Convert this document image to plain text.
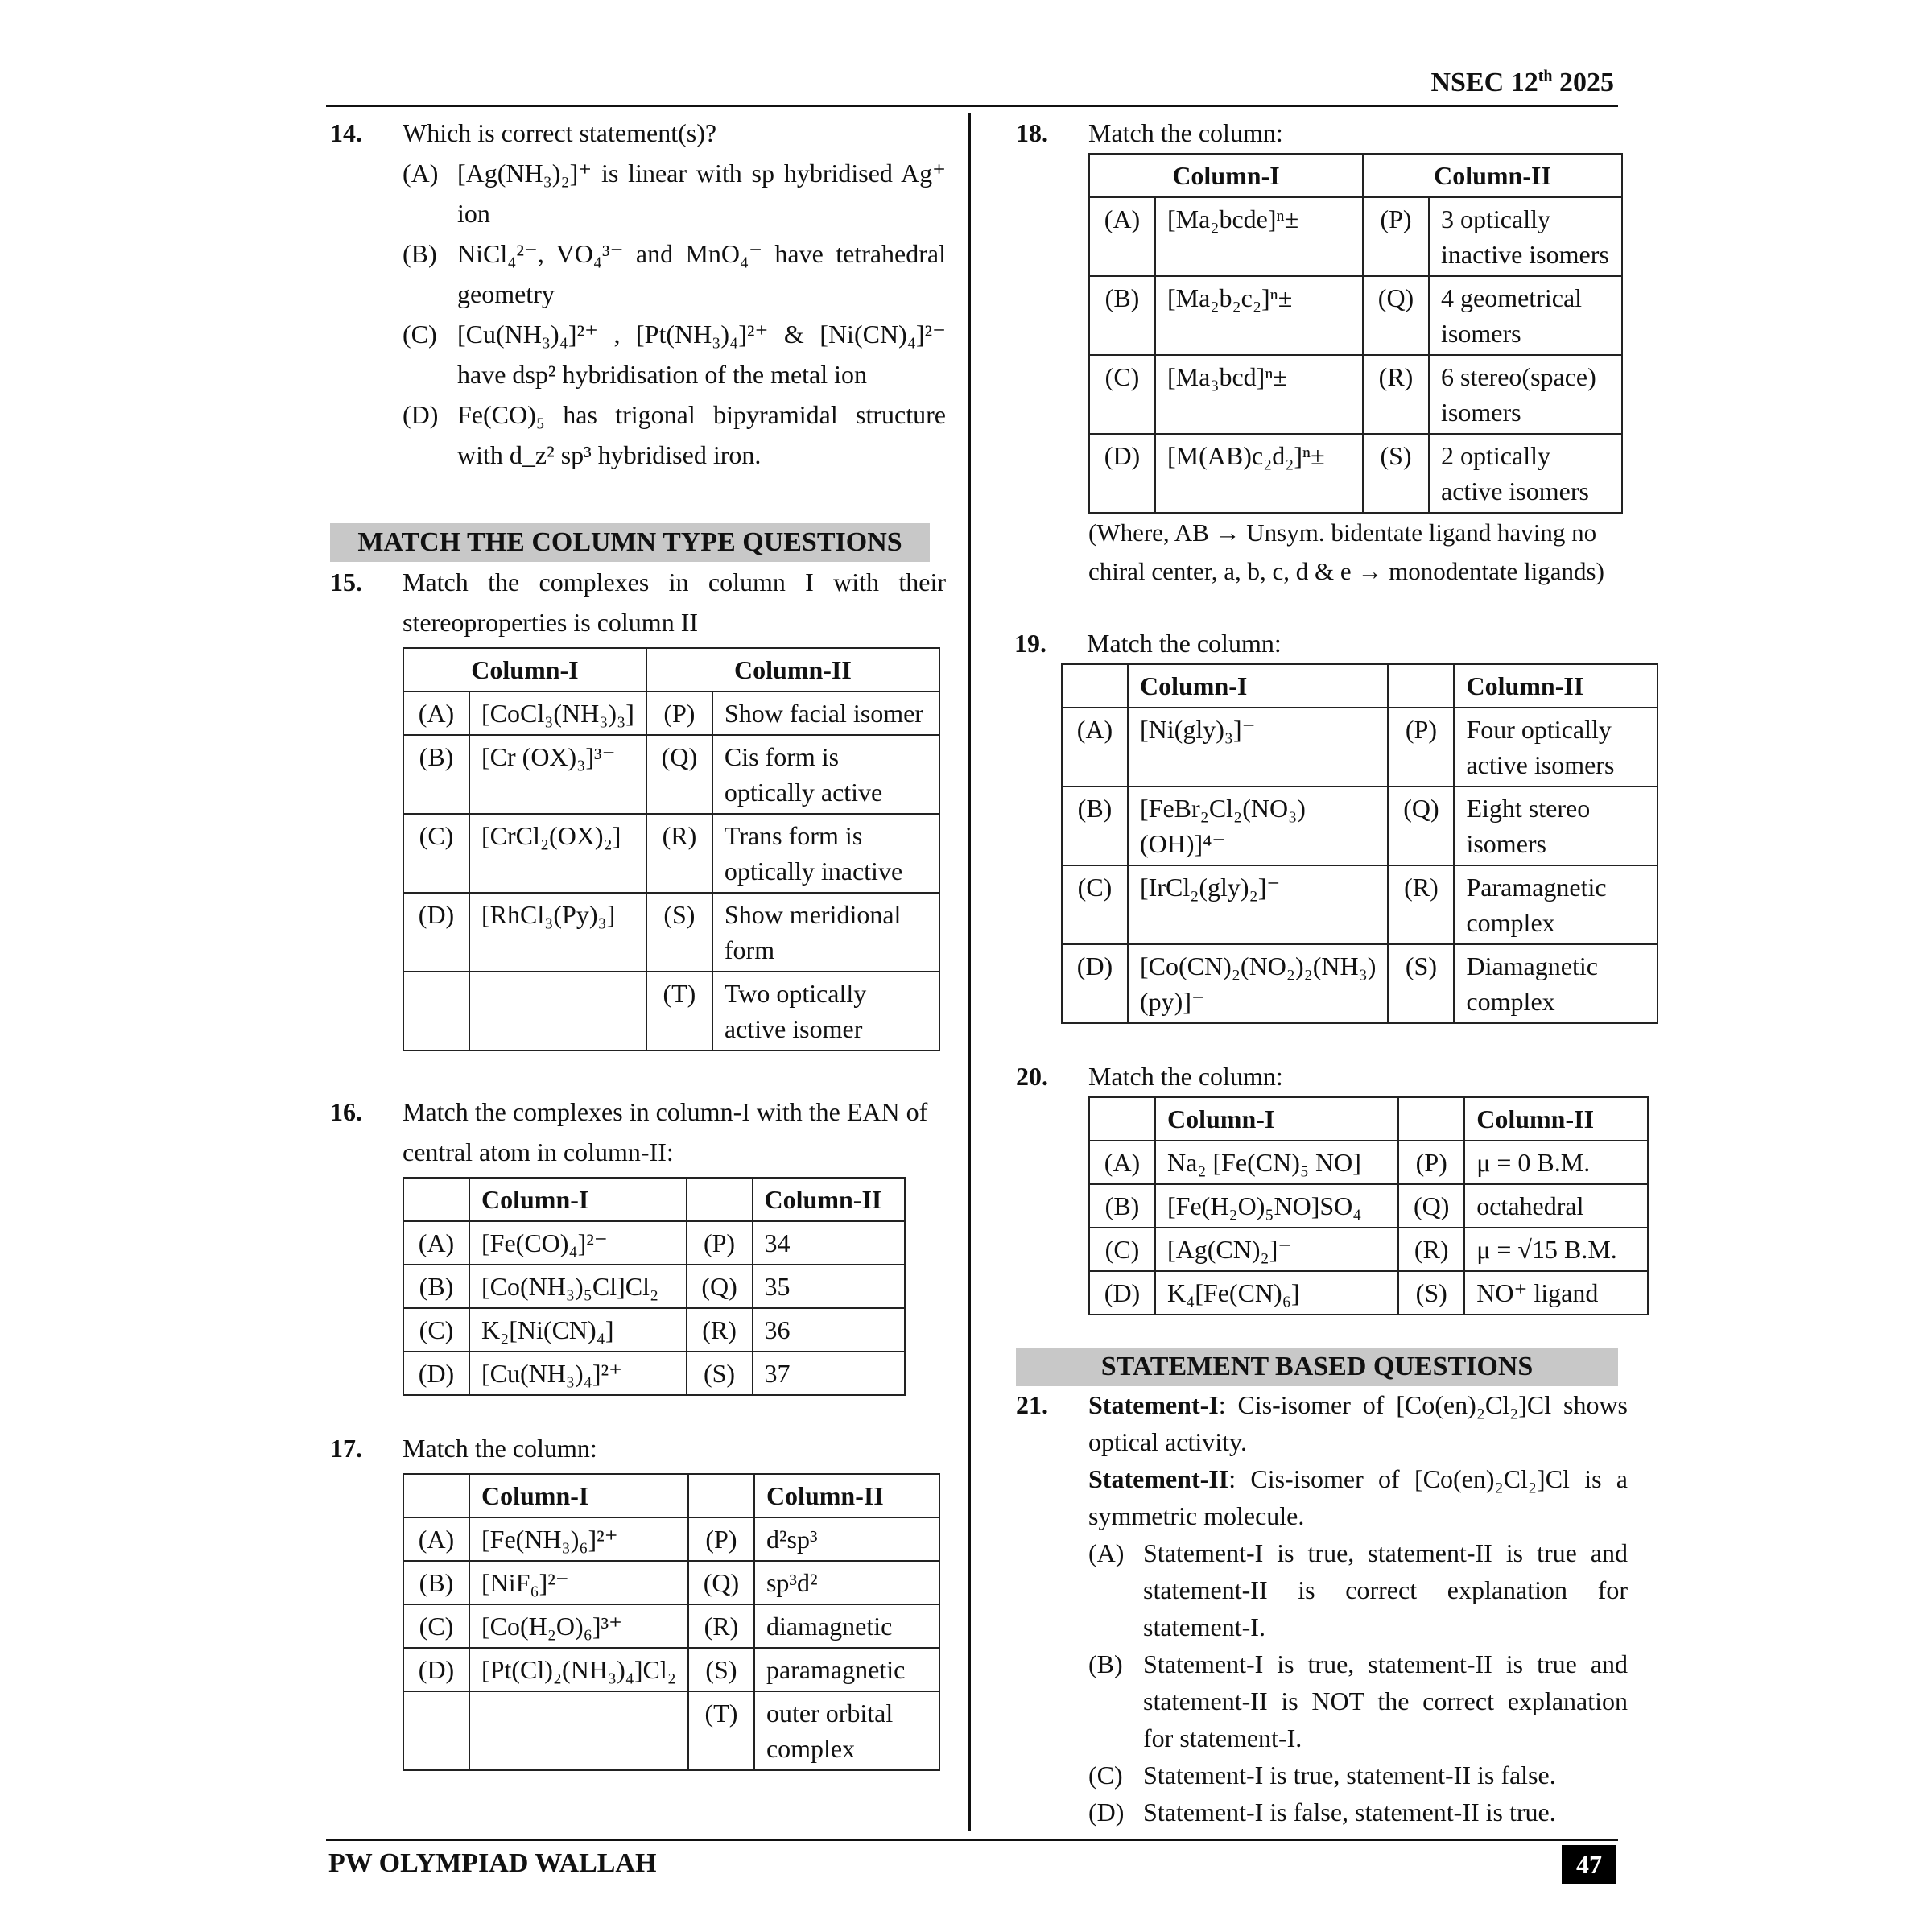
NSEC 12th 2025
14. Which is correct statement(s)?
(A) [Ag(NH₃)₂]⁺ is linear with sp hybridised Ag⁺ ion
(B) NiCl₄²⁻, VO₄³⁻ and MnO₄⁻ have tetrahedral geometry
(C) [Cu(NH₃)₄]²⁺ , [Pt(NH₃)₄]²⁺ & [Ni(CN)₄]²⁻ have dsp² hybridisation of the metal ion
(D) Fe(CO)₅ has trigonal bipyramidal structure with d_z² sp³ hybridised iron.
MATCH THE COLUMN TYPE QUESTIONS
15. Match the complexes in column I with their stereoproperties is column II
Column-I		Column-II	
(A)	[CoCl₃(NH₃)₃]	(P)	Show facial isomer
(B)	[Cr (OX)₃]³⁻	(Q)	Cis form is optically active
(C)	[CrCl₂(OX)₂]	(R)	Trans form is optically inactive
(D)	[RhCl₃(Py)₃]	(S)	Show meridional form
		(T)	Two optically active isomer
16. Match the complexes in column-I with the EAN of central atom in column-II:
	Column-I		Column-II
(A)	[Fe(CO)₄]²⁻	(P)	34
(B)	[Co(NH₃)₅Cl]Cl₂	(Q)	35
(C)	K₂[Ni(CN)₄]	(R)	36
(D)	[Cu(NH₃)₄]²⁺	(S)	37
17. Match the column:
	Column-I		Column-II
(A)	[Fe(NH₃)₆]²⁺	(P)	d²sp³
(B)	[NiF₆]²⁻	(Q)	sp³d²
(C)	[Co(H₂O)₆]³⁺	(R)	diamagnetic
(D)	[Pt(Cl)₂(NH₃)₄]Cl₂	(S)	paramagnetic
		(T)	outer orbital complex
18. Match the column:
Column-I		Column-II	
(A)	[Ma₂bcde]ⁿ±	(P)	3 optically inactive isomers
(B)	[Ma₂b₂c₂]ⁿ±	(Q)	4 geometrical isomers
(C)	[Ma₃bcd]ⁿ±	(R)	6 stereo(space) isomers
(D)	[M(AB)c₂d₂]ⁿ±	(S)	2 optically active isomers
(Where, AB → Unsym. bidentate ligand having no chiral center, a, b, c, d & e → monodentate ligands)
19. Match the column:
	Column-I		Column-II
(A)	[Ni(gly)₃]⁻	(P)	Four optically active isomers
(B)	[FeBr₂Cl₂(NO₃)(OH)]⁴⁻	(Q)	Eight stereo isomers
(C)	[IrCl₂(gly)₂]⁻	(R)	Paramagnetic complex
(D)	[Co(CN)₂(NO₂)₂(NH₃)(py)]⁻	(S)	Diamagnetic complex
20. Match the column:
	Column-I		Column-II
(A)	Na₂ [Fe(CN)₅ NO]	(P)	μ = 0 B.M.
(B)	[Fe(H₂O)₅NO]SO₄	(Q)	octahedral
(C)	[Ag(CN)₂]⁻	(R)	μ = √15 B.M.
(D)	K₄[Fe(CN)₆]	(S)	NO⁺ ligand
STATEMENT BASED QUESTIONS
21. Statement-I: Cis-isomer of [Co(en)₂Cl₂]Cl shows optical activity.
Statement-II: Cis-isomer of [Co(en)₂Cl₂]Cl is a symmetric molecule.
(A) Statement-I is true, statement-II is true and statement-II is correct explanation for statement-I.
(B) Statement-I is true, statement-II is true and statement-II is NOT the correct explanation for statement-I.
(C) Statement-I is true, statement-II is false.
(D) Statement-I is false, statement-II is true.
PW OLYMPIAD WALLAH	47
